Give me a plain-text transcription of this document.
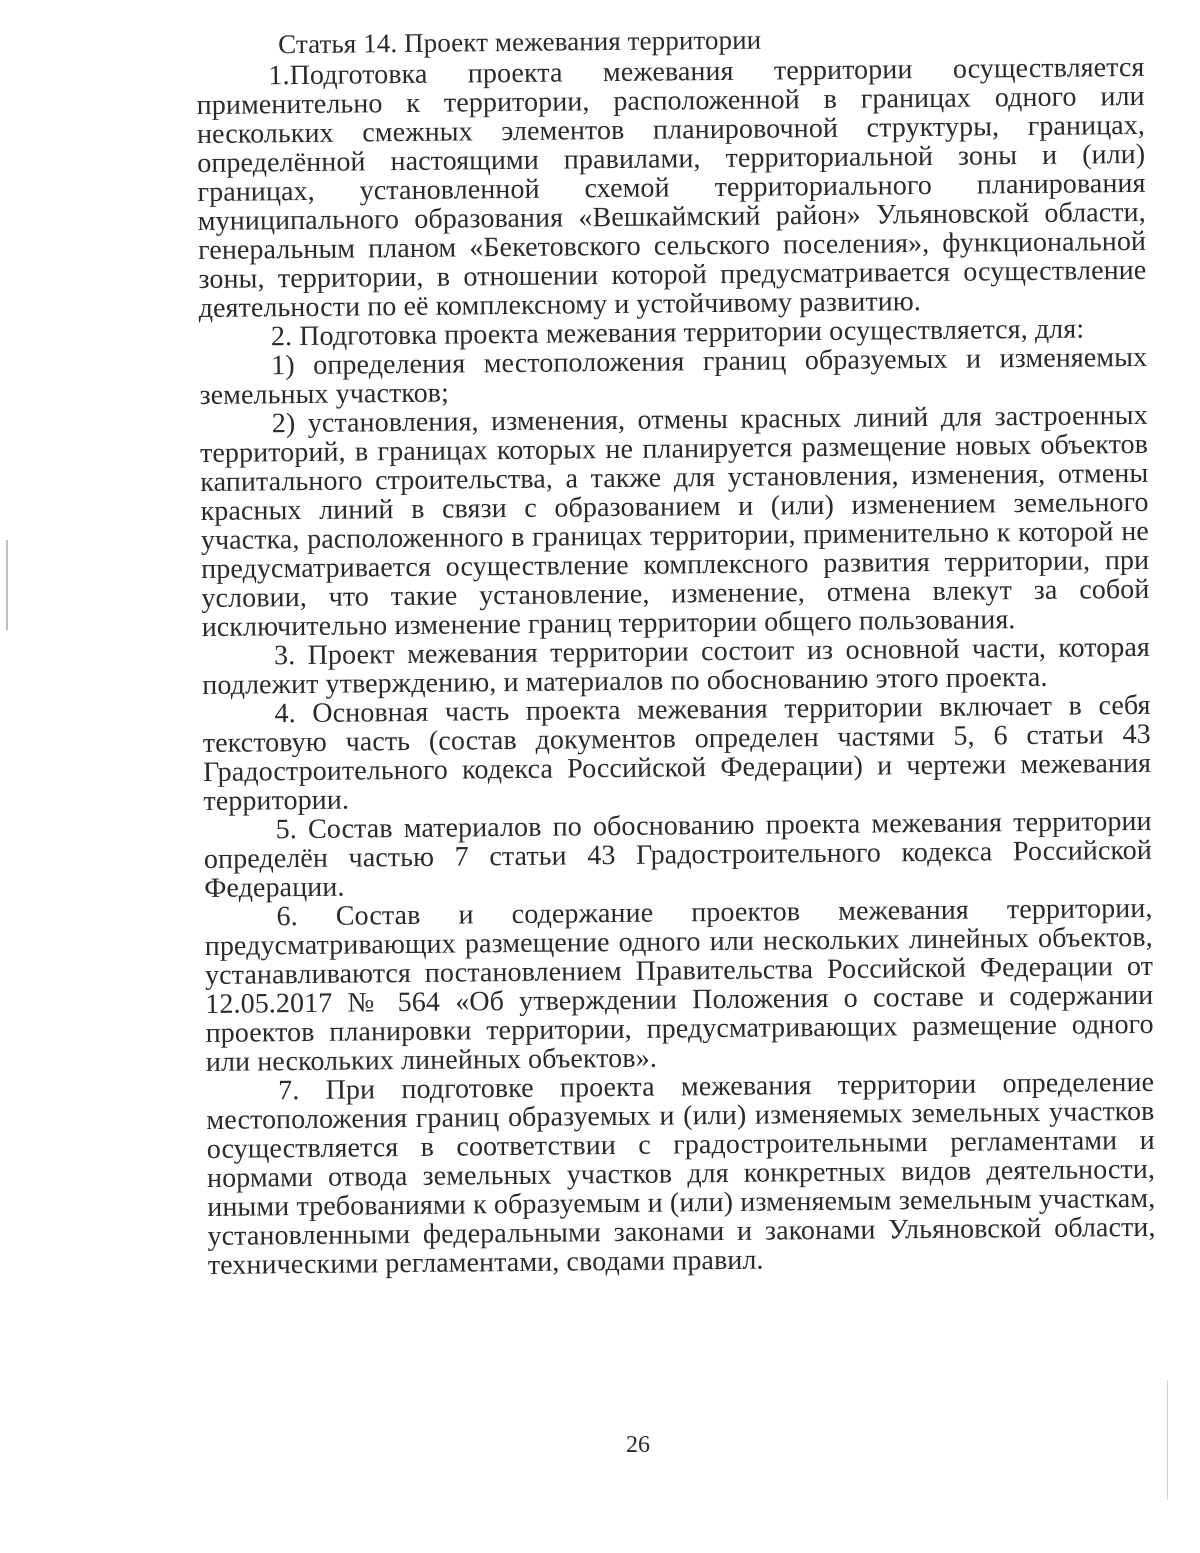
Статья 14. Проект межевания территории

1.Подготовка проекта межевания территории осуществляется применительно к территории, расположенной в границах одного или нескольких смежных элементов планировочной структуры, границах, определённой настоящими правилами, территориальной зоны и (или) границах, установленной схемой территориального планирования муниципального образования «Вешкаймский район» Ульяновской области, генеральным планом «Бекетовского сельского поселения», функциональной зоны, территории, в отношении которой предусматривается осуществление деятельности по её комплексному и устойчивому развитию.

2. Подготовка проекта межевания территории осуществляется, для:

1) определения местоположения границ образуемых и изменяемых земельных участков;

2) установления, изменения, отмены красных линий для застроенных территорий, в границах которых не планируется размещение новых объектов капитального строительства, а также для установления, изменения, отмены красных линий в связи с образованием и (или) изменением земельного участка, расположенного в границах территории, применительно к которой не предусматривается осуществление комплексного развития территории, при условии, что такие установление, изменение, отмена влекут за собой исключительно изменение границ территории общего пользования.

3. Проект межевания территории состоит из основной части, которая подлежит утверждению, и материалов по обоснованию этого проекта.

4. Основная часть проекта межевания территории включает в себя текстовую часть (состав документов определен частями 5, 6 статьи 43 Градостроительного кодекса Российской Федерации) и чертежи межевания территории.

5. Состав материалов по обоснованию проекта межевания территории определён частью 7 статьи 43 Градостроительного кодекса Российской Федерации.

6. Состав и содержание проектов межевания территории, предусматривающих размещение одного или нескольких линейных объектов, устанавливаются постановлением Правительства Российской Федерации от 12.05.2017 № 564 «Об утверждении Положения о составе и содержании проектов планировки территории, предусматривающих размещение одного или нескольких линейных объектов».

7. При подготовке проекта межевания территории определение местоположения границ образуемых и (или) изменяемых земельных участков осуществляется в соответствии с градостроительными регламентами и нормами отвода земельных участков для конкретных видов деятельности, иными требованиями к образуемым и (или) изменяемым земельным участкам, установленными федеральными законами и законами Ульяновской области, техническими регламентами, сводами правил.

26
